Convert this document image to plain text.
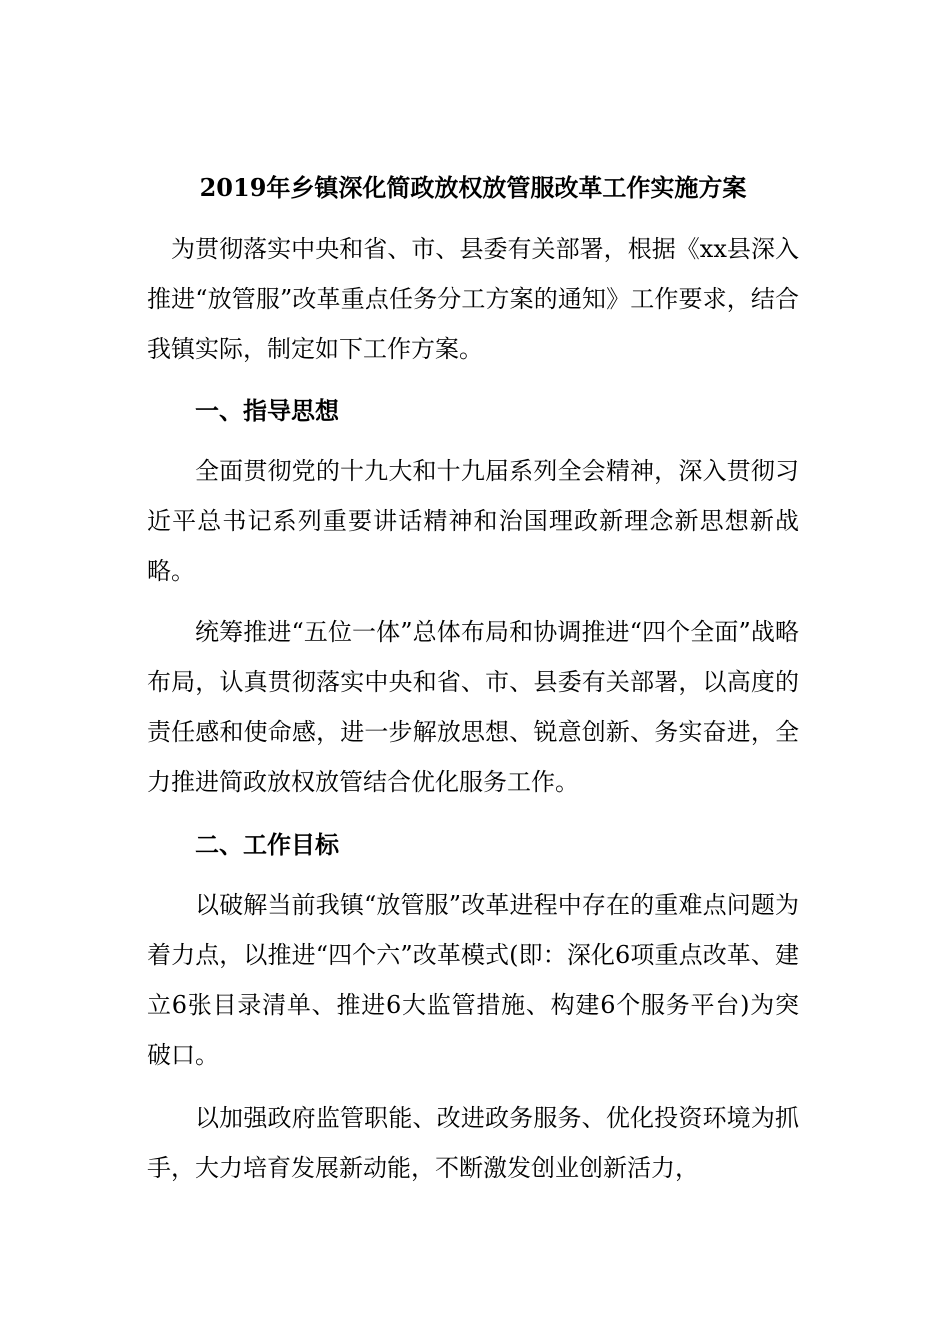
2019年乡镇深化简政放权放管服改革工作实施方案

为贯彻落实中央和省、市、县委有关部署，根据《xx县深入推进“放管服”改革重点任务分工方案的通知》工作要求，结合我镇实际，制定如下工作方案。

一、指导思想

全面贯彻党的十九大和十九届系列全会精神，深入贯彻习近平总书记系列重要讲话精神和治国理政新理念新思想新战略。

统筹推进“五位一体”总体布局和协调推进“四个全面”战略布局，认真贯彻落实中央和省、市、县委有关部署，以高度的责任感和使命感，进一步解放思想、锐意创新、务实奋进，全力推进简政放权放管结合优化服务工作。

二、工作目标

以破解当前我镇“放管服”改革进程中存在的重难点问题为着力点，以推进“四个六”改革模式(即：深化6项重点改革、建立6张目录清单、推进6大监管措施、构建6个服务平台)为突破口。

以加强政府监管职能、改进政务服务、优化投资环境为抓手，大力培育发展新动能，不断激发创业创新活力，
